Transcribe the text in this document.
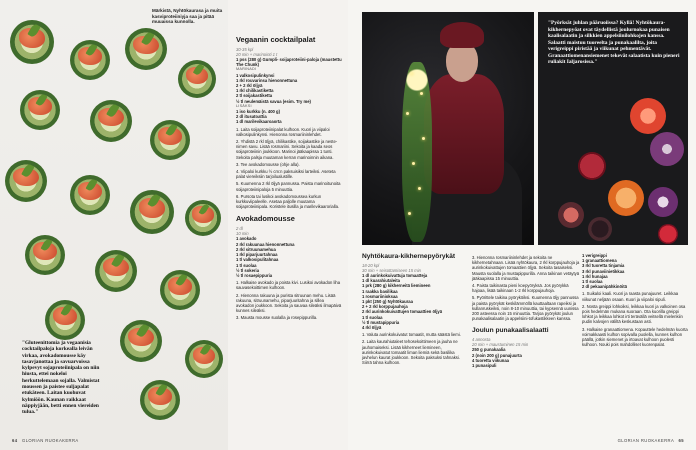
Märkistä, Nyhtökaurasa ja muita kasviproteiiniyja saa ja pitää muuaissa kunnolla.
"Gluteenittomia ja vegaanisia cocktailpaloja korkealla leivän virkaa, avokadomousse käy tasavjanottaa ja savuarvoissa kylpevyt sojaproteiinipala on niin hiusta, ettei nokeloi herkuttelemaan sojalla. Valmistat moussen ja paistee suljapalat etukäteen. Laitan kuohuvat kylmiöön. Kaunan raikkaat näppiyjään, betti ennen viereiden tulua."
Vegaanin cocktailpalat
30-35 kpl
20 min + marinointi 1 t
1 pss (280 g) Gumpli- soijaproteiini-paloja (maustettu The Chunk)
MARINADI
1 valkosipulinkynsi
1 rkl rouvarinsa hienonnettuna
2 + 2 rkl öljyä
1 rkl chilikastiketta
2 tl soijakastiketta
½ tl neulemäistä savua (esim. Try me)
LISÄKSI
1 iso kurkku (n. 400 g)
2 dl itusatoattia
1 dl marilevikaaroaorta
1. Laita soijaproteiinipalat kulhoon. Kuori ja viipaloi valkosipulinkynsi. Hienonna rosmariininlehdet.
2. Yhdistä 2 rkl öljyä, chilikastike, soijakastike ja nestenimen savu. Lisää rosmariini. Sekoita ja kaada seos soijaproteiinin joukkoon. Marinoi jääkaapissa 1 tunti. Sekoita palsja muutaman kerran marinoinnin aikana.
3. Tee avokadomousse (ohje alla).
4. Viipaloi kurkku ½ cm:n paksuisiksi larteiksi. Aseteta palat viereiksiin tarjoilualustille.
5. Kuumenna 2 rkl öljyä pannussa. Paista marinoitunoita soijaproteiinipaloja 5 minuuttia.
6. Pursota tai lusikoi avokadomoussea kurkun kurkkuviipaleelle. Asetaa paljolle muutama soijaproteiinipala. Koristele itusilla ja marilevikaarorialla.
Avokadomousse
2 dl
10 min
1 avokado
2 rkl rakuunaa hienonnettuna
2 rkl sitruunamehua
1 rkl piparjuurtahnaa
1 tl valkosipulitahnaa
1 tl suolaa
½ tl sokeria
½ tl rosaepippuria
1. Halkaise avokado ja poista kivi. Lusikoi avokadon liha sauvasekoittimen kulhoon.
2. Hienonna rakuuna ja purista sitruunan mehu. Lisää rakuuna, sitruunamehu, piparjuuritahna ja sillea avokadon joukkoon. Sekoita ja sauvaa sileäksi ilmapäivä kunnes sileäksi.
3. Mausta mousse suolalla ja rosepippurilla.
64 GLORIAN RUOKAKERRA
"Pyörksät juhlan pääruoiissa? Kyllä! Nyhtökaura-kikhernepyöat ovat täydellistä joulurnokaa punaisen kaalisalaatin ja silkkien appelsiinilohkojen kanssa. Salaatti maistuu tuoreelta ja punakaalilta, joita verigreippi piristää ja viikunat pehmentävät. Granaattiomenansiemenet tekevät salaatista kuin pieneri ruliakit Ialjarosissa."
Nyhtökaura-kikhernepyörykät
18-20 kpl
30 min + seisottamiseen 15 min
1 dl aurinkokuivattuja tomaatteja
1 dl kuarahiutaleita
1 prk (280 g) kikherneitä liemineen
1 raakka basilikaa
1 rosmariinioksaa
1 pkt (250 g) Nyhtökauraa
2 + 2 rkl korppujauhoja
2 rkl aurinkokuivattujen tomaattien öljyä
1 tl suolaa
½ tl mustapippuria
4 rkl öljyä
1. Valuta aurinkokuivatut tomaatit, mutta säästä liemi.
2. Laita kaurahiutaleet tehosekoittimeen ja jauha ne jauhomaiseksi. Lisää kikherneet liemineen, aurinkokuivatut tomaatit liman liemiä sekä basilika javhelun kaurat joukkoon. Sekoita paksuksi tahnaksi. Siirrä tahna kulhoon.
3. Hienonna rosmariininlehdet ja sekoita ne kikhernetahnaan. Lisää nyhtökaura, 2 rkl korppujauhoja ja aurinkokuivattujen tomaattien öljyä. Sekoita tasaiseksi. Mausta suolalla ja mustapippurilla. Anna taikinan vetäytyä jääkaapissa 15 minuuttia.
4. Paista taikinasta pieni koepyöryksä. Jos pyörykkä hajoaa, lisää taikinaan 1-2 rkl korppujauhoja.
5. Pyörittele taikina pyöryköiksi. Kuumenna öljy pannussa ja paista pyörykät keskilämmöllä kauttaaltaan rapeiksi ja kullanruskeiksi, noin 8-10 minuuttia, tai kypsennä uunissa 200 asteessa noin 15 minuuttia. Tarjoa pyörykät joulun punakaalisalaatin ja appelsiini-tofukastikkeen kanssa.
Joulun punakaalisalaatti
4 annosta
20 min + maustuminen 15 min
250 g punakaalia
2 (noin 200 g) punajuurta
4 tuoretta viikunaa
1 punasipuli
1 verigreippi
1 granaattiomena
3 rkl tuoretta tinjamia
3 rkl punaviinietikkaa
1 rkl hunajaa
1 tl suolaa
2 dl pekaanipähkinöitä
1. Suikaloi kaali. Kuori ja raasta punajuuret. Leikkaa viikunat neljään osaan. Kuori ja viipaloi sipuli.
2. Nosta greippi lohkoiksi, leikkaa kuori ja valkoinen osa pois hedelmän mukana suoraan. Ota kuorilla greippi lohkot ja leikkaa lohkot irti terävällä veitsellä mielenkiin pudin kalvojen väliltä keskustaan asti.
3. Halkaise granaattiomena. Kopauttele hedelmän kuorta voimakkaasti kulhon sopivalla puolella, kunnes kulhon päällä, jotkin siemenet ja irtoavat kulhoon puolesti kulhoon. Nouki pois mahdolliset kuorenpalat.
GLORIAN RUOKAKERRA 65
